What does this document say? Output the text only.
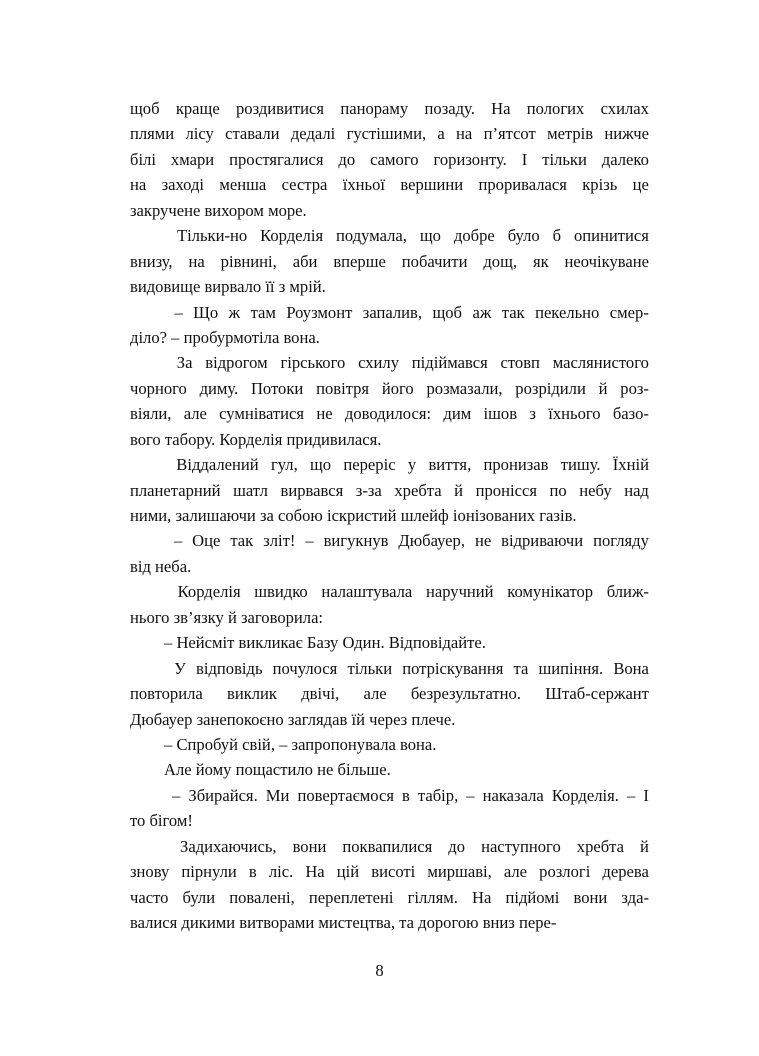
щоб краще роздивитися панораму позаду. На пологих схилах
плями лісу ставали дедалі густішими, а на п’ятсот метрів нижче
білі хмари простягалися до самого горизонту. І тільки далеко
на заході менша сестра їхньої вершини проривалася крізь це
закручене вихором море.
Тільки-но Корделія подумала, що добре було б опинитися
внизу, на рівнині, аби вперше побачити дощ, як неочікуване
видовище вирвало її з мрій.
– Що ж там Роузмонт запалив, щоб аж так пекельно смер-
діло? – пробурмотіла вона.
За відрогом гірського схилу підіймався стовп маслянистого
чорного диму. Потоки повітря його розмазали, розрідили й роз-
віяли, але сумніватися не доводилося: дим ішов з їхнього базо-
вого табору. Корделія придивилася.
Віддалений гул, що переріс у виття, пронизав тишу. Їхній
планетарний шатл вирвався з-за хребта й пронісся по небу над
ними, залишаючи за собою іскристий шлейф іонізованих газів.
– Оце так зліт! – вигукнув Дюбауер, не відриваючи погляду
від неба.
Корделія швидко налаштувала наручний комунікатор ближ-
нього зв’язку й заговорила:
– Нейсміт викликає Базу Один. Відповідайте.
У відповідь почулося тільки потріскування та шипіння. Вона
повторила виклик двічі, але безрезультатно. Штаб-сержант
Дюбауер занепокоєно заглядав їй через плече.
– Спробуй свій, – запропонувала вона.
Але йому пощастило не більше.
– Збирайся. Ми повертаємося в табір, – наказала Корделія. – І
то бігом!
Задихаючись, вони поквапилися до наступного хребта й
знову пірнули в ліс. На цій висоті миршаві, але розлогі дерева
часто були повалені, переплетені гіллям. На підйомі вони зда-
валися дикими витворами мистецтва, та дорогою вниз пере-
8
